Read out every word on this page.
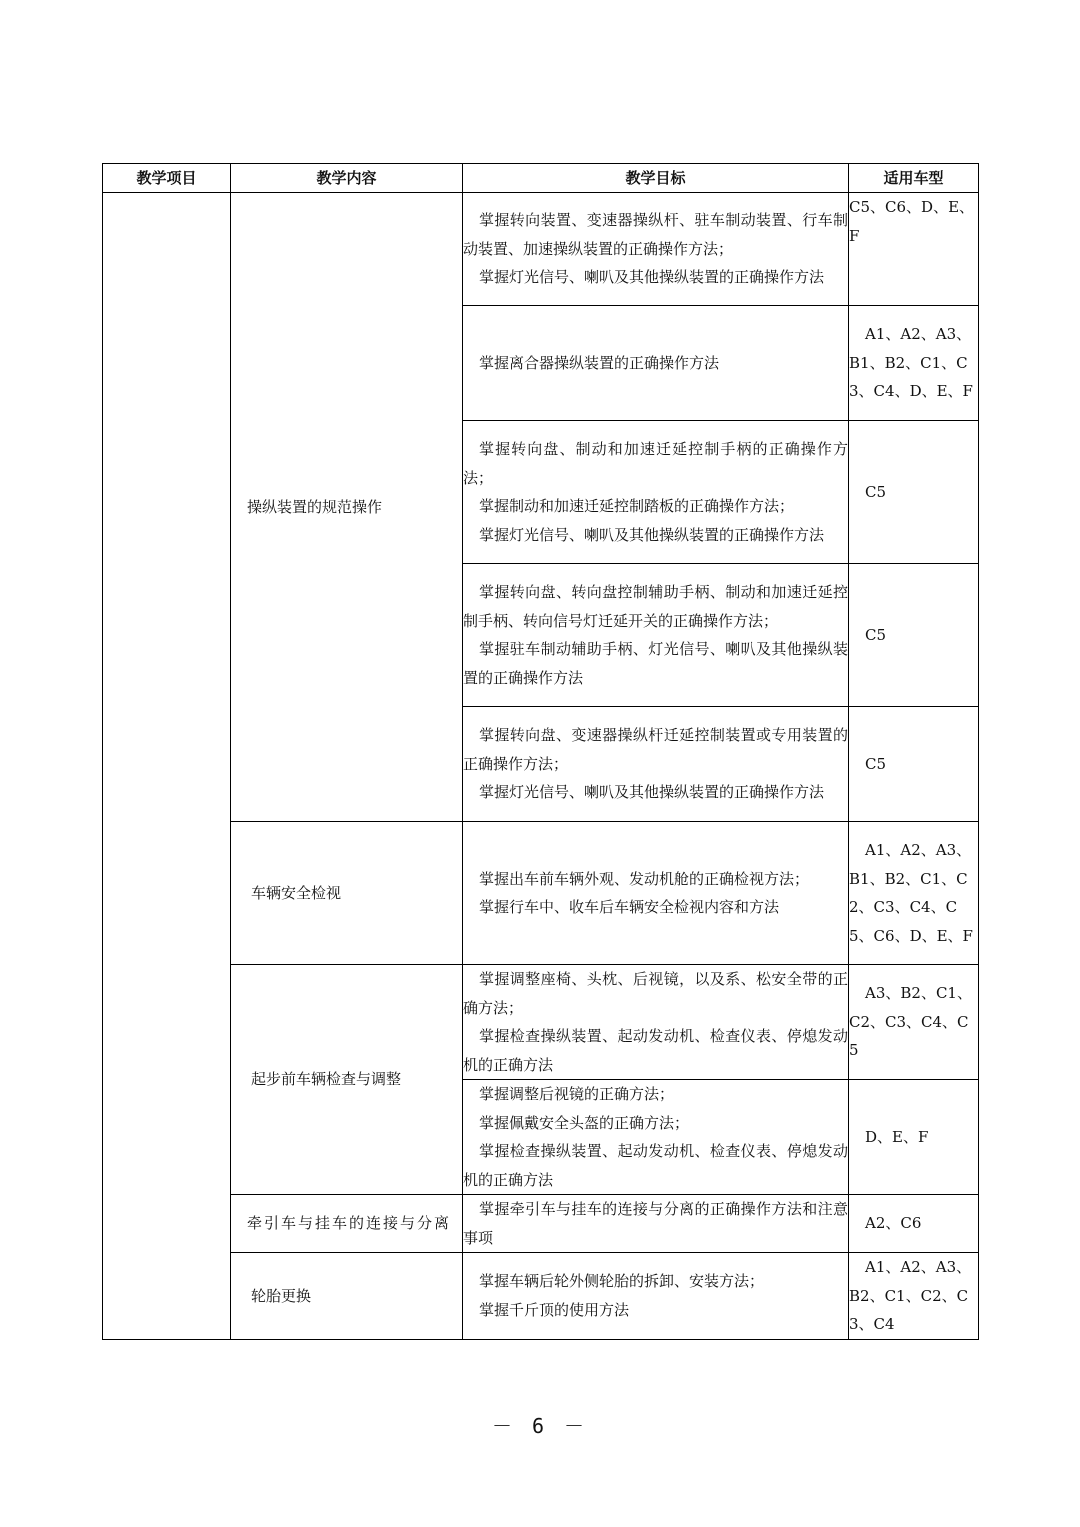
教学项目	教学内容	教学目标	适用车型

	操纵装置的规范操作	掌握转向装置、变速器操纵杆、驻车制动装置、行车制动装置、加速操纵装置的正确操作方法；
掌握灯光信号、喇叭及其他操纵装置的正确操作方法	C5、C6、D、E、F

		掌握离合器操纵装置的正确操作方法	A1、A2、A3、B1、B2、C1、C3、C4、D、E、F

		掌握转向盘、制动和加速迁延控制手柄的正确操作方法；
掌握制动和加速迁延控制踏板的正确操作方法；
掌握灯光信号、喇叭及其他操纵装置的正确操作方法	C5

		掌握转向盘、转向盘控制辅助手柄、制动和加速迁延控制手柄、转向信号灯迁延开关的正确操作方法；
掌握驻车制动辅助手柄、灯光信号、喇叭及其他操纵装置的正确操作方法	C5

		掌握转向盘、变速器操纵杆迁延控制装置或专用装置的正确操作方法；
掌握灯光信号、喇叭及其他操纵装置的正确操作方法	C5

	车辆安全检视	掌握出车前车辆外观、发动机舱的正确检视方法；
掌握行车中、收车后车辆安全检视内容和方法	A1、A2、A3、B1、B2、C1、C2、C3、C4、C5、C6、D、E、F

	起步前车辆检查与调整	掌握调整座椅、头枕、后视镜，以及系、松安全带的正确方法；
掌握检查操纵装置、起动发动机、检查仪表、停熄发动机的正确方法	A3、B2、C1、C2、C3、C4、C5

		掌握调整后视镜的正确方法；
掌握佩戴安全头盔的正确方法；
掌握检查操纵装置、起动发动机、检查仪表、停熄发动机的正确方法	D、E、F

	牵引车与挂车的连接与分离	掌握牵引车与挂车的连接与分离的正确操作方法和注意事项	A2、C6

	轮胎更换	掌握车辆后轮外侧轮胎的拆卸、安装方法；
掌握千斤顶的使用方法	A1、A2、A3、B2、C1、C2、C3、C4
－ 6 －
